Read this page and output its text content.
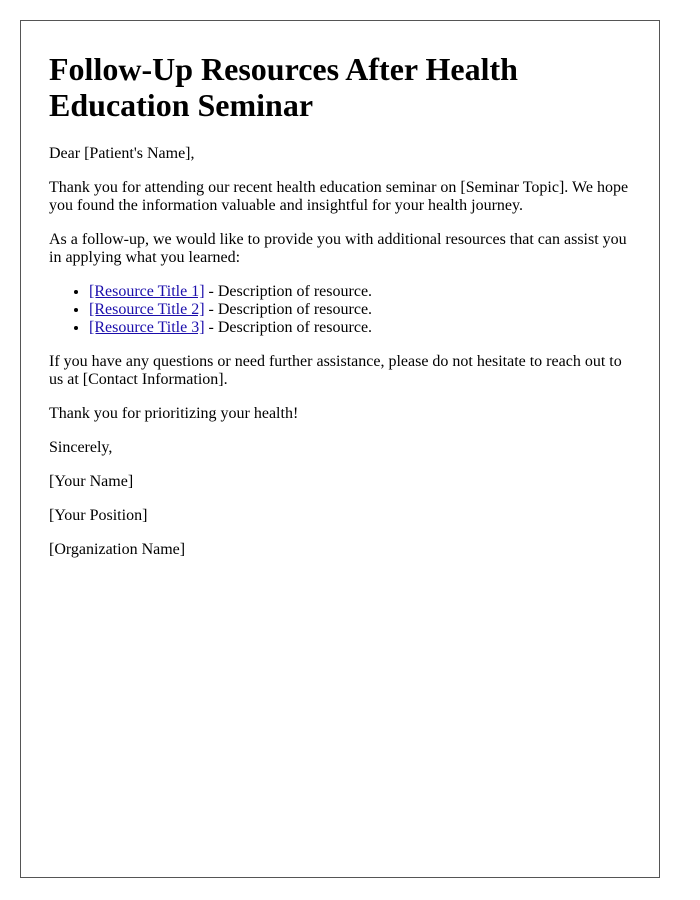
Follow-Up Resources After Health Education Seminar

Dear [Patient's Name],

Thank you for attending our recent health education seminar on [Seminar Topic]. We hope you found the information valuable and insightful for your health journey.

As a follow-up, we would like to provide you with additional resources that can assist you in applying what you learned:

• [Resource Title 1] - Description of resource.
• [Resource Title 2] - Description of resource.
• [Resource Title 3] - Description of resource.

If you have any questions or need further assistance, please do not hesitate to reach out to us at [Contact Information].

Thank you for prioritizing your health!

Sincerely,

[Your Name]

[Your Position]

[Organization Name]
